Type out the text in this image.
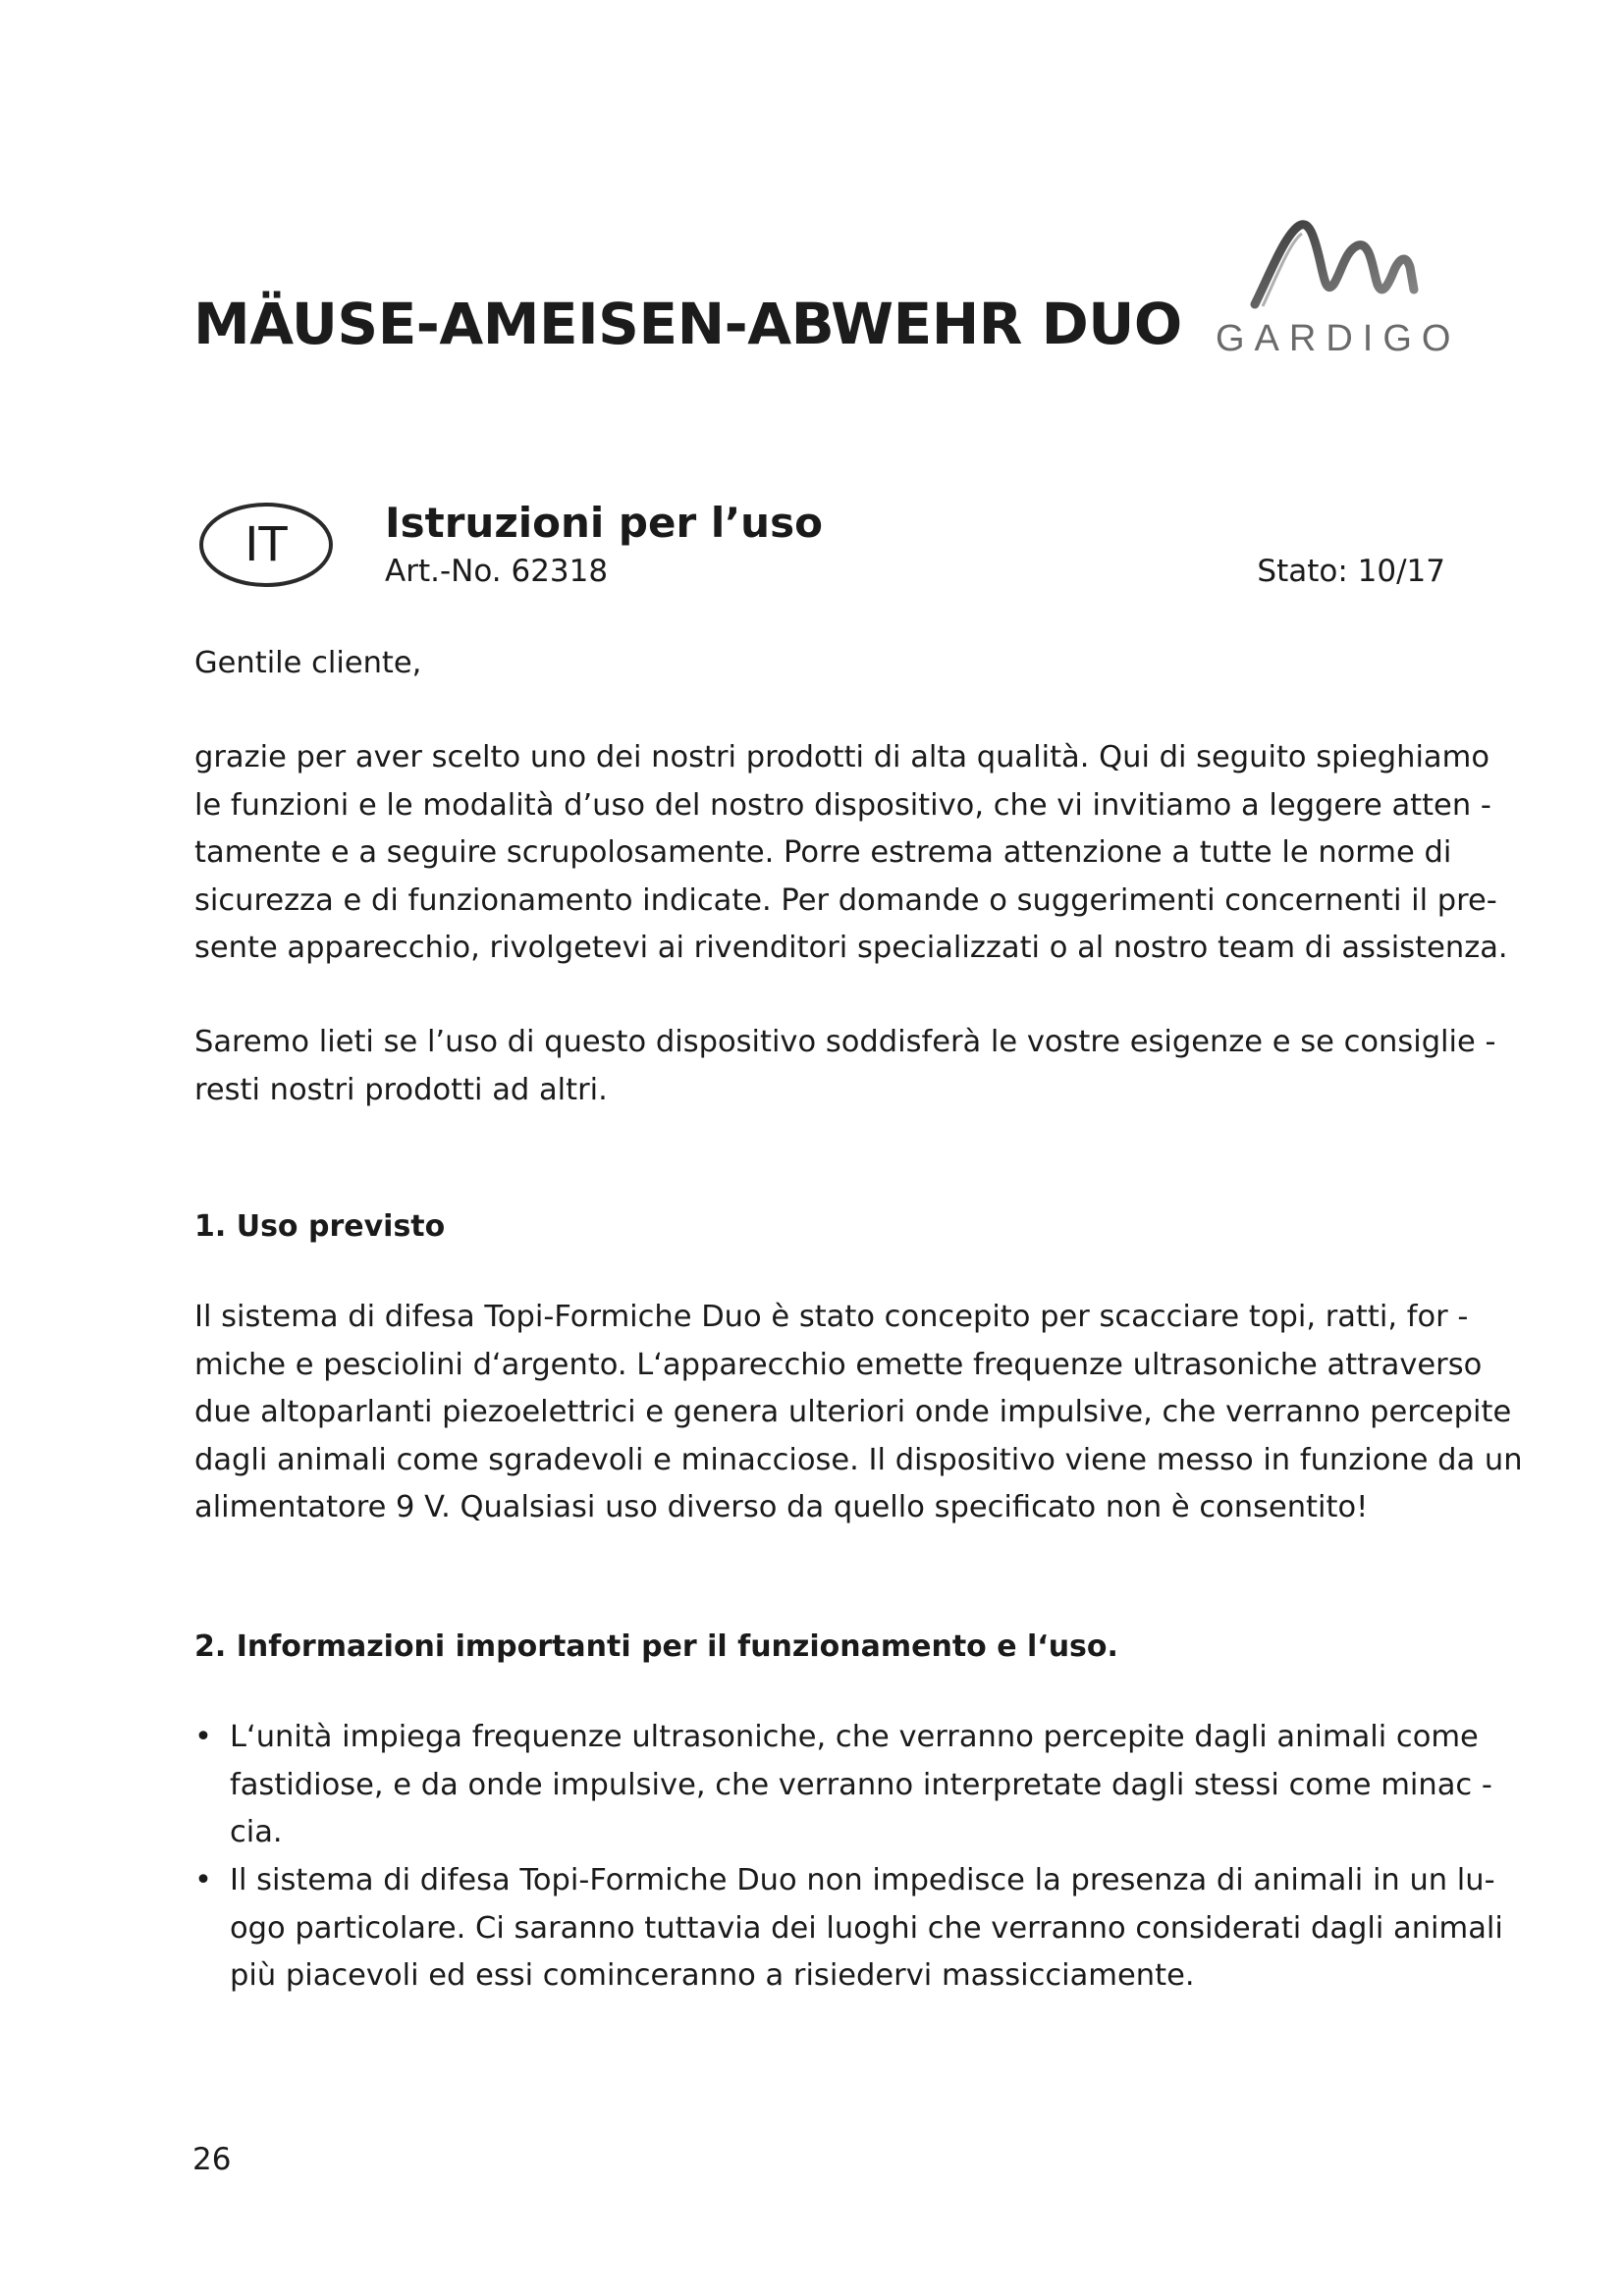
MÄUSE-AMEISEN-ABWEHR DUO GARDIGO
IT Istruzioni per l’uso
Art.-No. 62318	Stato: 10/17
Gentile cliente,
grazie per aver scelto uno dei nostri prodotti di alta qualità. Qui di seguito spieghiamo
le funzioni e le modalità d’uso del nostro dispositivo, che vi invitiamo a leggere atten -
tamente e a seguire scrupolosamente. Porre estrema attenzione a tutte le norme di
sicurezza e di funzionamento indicate. Per domande o suggerimenti concernenti il pre-
sente apparecchio, rivolgetevi ai rivenditori specializzati o al nostro team di assistenza.
Saremo lieti se l’uso di questo dispositivo soddisferà le vostre esigenze e se consiglie -
resti nostri prodotti ad altri.
1. Uso previsto
Il sistema di difesa Topi-Formiche Duo è stato concepito per scacciare topi, ratti, for -
miche e pesciolini d‘argento. L‘apparecchio emette frequenze ultrasoniche attraverso
due altoparlanti piezoelettrici e genera ulteriori onde impulsive, che verranno percepite
dagli animali come sgradevoli e minacciose. Il dispositivo viene messo in funzione da un
alimentatore 9 V. Qualsiasi uso diverso da quello specificato non è consentito!
2. Informazioni importanti per il funzionamento e l‘uso.
• L‘unità impiega frequenze ultrasoniche, che verranno percepite dagli animali come
fastidiose, e da onde impulsive, che verranno interpretate dagli stessi come minac -
cia.
• Il sistema di difesa Topi-Formiche Duo non impedisce la presenza di animali in un lu-
ogo particolare. Ci saranno tuttavia dei luoghi che verranno considerati dagli animali
più piacevoli ed essi cominceranno a risiedervi massicciamente.
26
